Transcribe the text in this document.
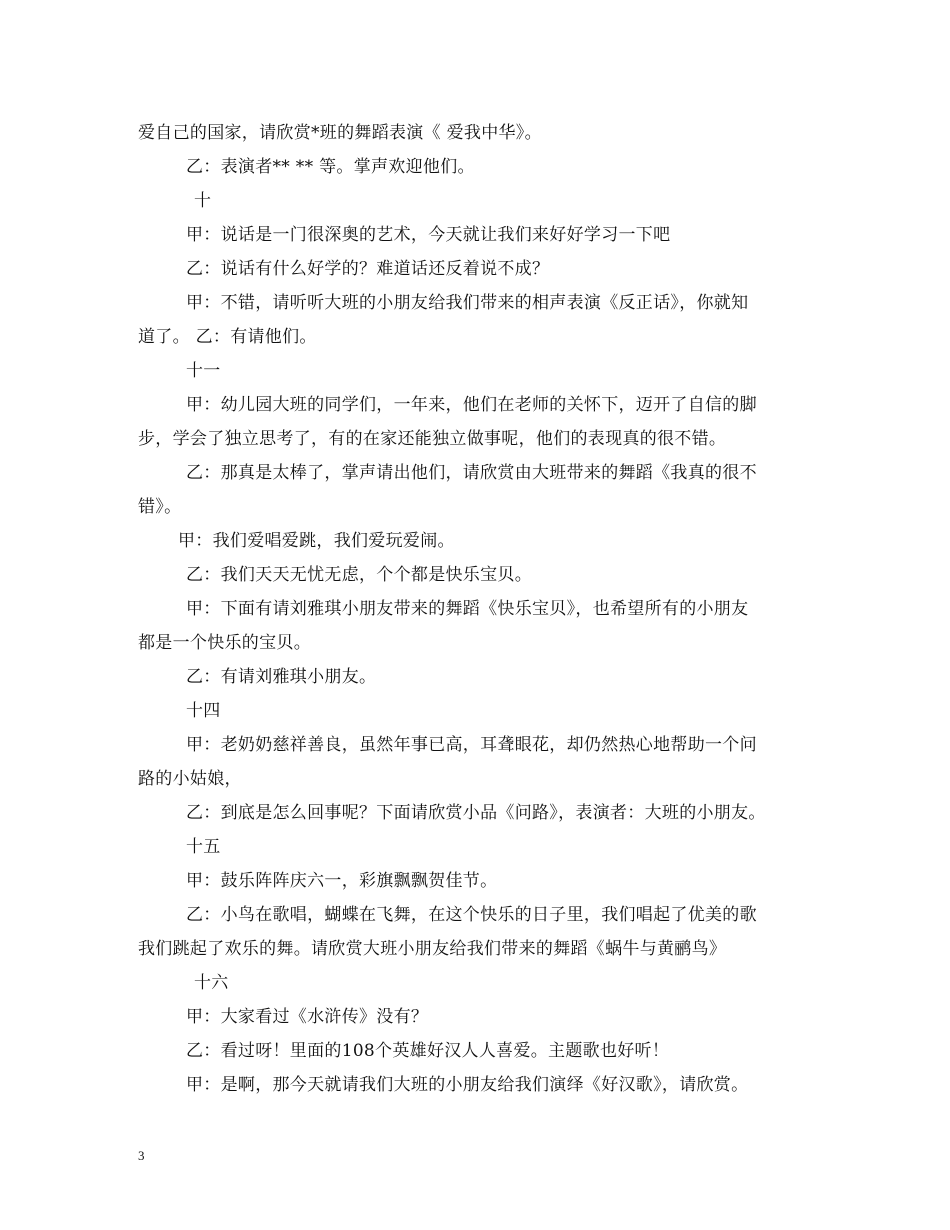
爱自己的国家，请欣赏*班的舞蹈表演《 爱我中华》。
乙：表演者** ** 等。掌声欢迎他们。
十
甲：说话是一门很深奥的艺术，今天就让我们来好好学习一下吧
乙：说话有什么好学的？难道话还反着说不成？
甲：不错，请听听大班的小朋友给我们带来的相声表演《反正话》，你就知
道了。 乙：有请他们。
十一
甲：幼儿园大班的同学们，一年来，他们在老师的关怀下，迈开了自信的脚
步，学会了独立思考了，有的在家还能独立做事呢，他们的表现真的很不错。
乙：那真是太棒了，掌声请出他们，请欣赏由大班带来的舞蹈《我真的很不
错》。
甲：我们爱唱爱跳，我们爱玩爱闹。
乙：我们天天无忧无虑，个个都是快乐宝贝。
甲：下面有请刘雅琪小朋友带来的舞蹈《快乐宝贝》，也希望所有的小朋友
都是一个快乐的宝贝。
乙：有请刘雅琪小朋友。
十四
甲：老奶奶慈祥善良，虽然年事已高，耳聋眼花，却仍然热心地帮助一个问
路的小姑娘，
乙：到底是怎么回事呢？下面请欣赏小品《问路》，表演者：大班的小朋友。
十五
甲：鼓乐阵阵庆六一，彩旗飘飘贺佳节。
乙：小鸟在歌唱，蝴蝶在飞舞，在这个快乐的日子里，我们唱起了优美的歌
我们跳起了欢乐的舞。请欣赏大班小朋友给我们带来的舞蹈《蜗牛与黄鹂鸟》
十六
甲：大家看过《水浒传》没有？
乙：看过呀！里面的108个英雄好汉人人喜爱。主题歌也好听！
甲：是啊，那今天就请我们大班的小朋友给我们演绎《好汉歌》，请欣赏。
3
